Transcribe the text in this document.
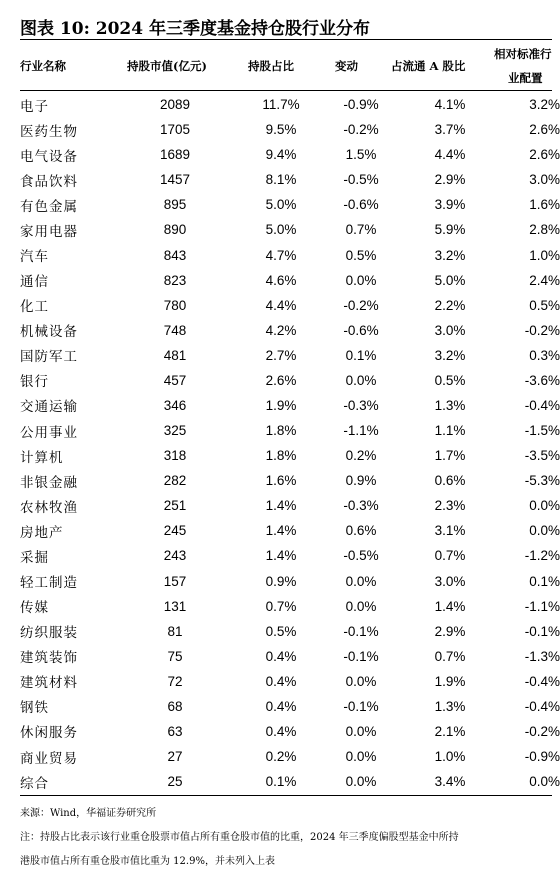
图表 10: 2024 年三季度基金持仓股行业分布
行业名称	持股市值(亿元)	持股占比	变动	占流通 A 股比
相对标准行
业配置
电子	2089	11.7%	-0.9%	4.1%	3.2%
医药生物	1705	9.5%	-0.2%	3.7%	2.6%
电气设备	1689	9.4%	1.5%	4.4%	2.6%
食品饮料	1457	8.1%	-0.5%	2.9%	3.0%
有色金属	895	5.0%	-0.6%	3.9%	1.6%
家用电器	890	5.0%	0.7%	5.9%	2.8%
汽车	843	4.7%	0.5%	3.2%	1.0%
通信	823	4.6%	0.0%	5.0%	2.4%
化工	780	4.4%	-0.2%	2.2%	0.5%
机械设备	748	4.2%	-0.6%	3.0%	-0.2%
国防军工	481	2.7%	0.1%	3.2%	0.3%
银行	457	2.6%	0.0%	0.5%	-3.6%
交通运输	346	1.9%	-0.3%	1.3%	-0.4%
公用事业	325	1.8%	-1.1%	1.1%	-1.5%
计算机	318	1.8%	0.2%	1.7%	-3.5%
非银金融	282	1.6%	0.9%	0.6%	-5.3%
农林牧渔	251	1.4%	-0.3%	2.3%	0.0%
房地产	245	1.4%	0.6%	3.1%	0.0%
采掘	243	1.4%	-0.5%	0.7%	-1.2%
轻工制造	157	0.9%	0.0%	3.0%	0.1%
传媒	131	0.7%	0.0%	1.4%	-1.1%
纺织服装	81	0.5%	-0.1%	2.9%	-0.1%
建筑装饰	75	0.4%	-0.1%	0.7%	-1.3%
建筑材料	72	0.4%	0.0%	1.9%	-0.4%
钢铁	68	0.4%	-0.1%	1.3%	-0.4%
休闲服务	63	0.4%	0.0%	2.1%	-0.2%
商业贸易	27	0.2%	0.0%	1.0%	-0.9%
综合	25	0.1%	0.0%	3.4%	0.0%
来源：Wind，华福证券研究所
注：持股占比表示该行业重仓股票市值占所有重仓股市值的比重，2024 年三季度偏股型基金中所持
港股市值占所有重仓股市值比重为 12.9%，并未列入上表
